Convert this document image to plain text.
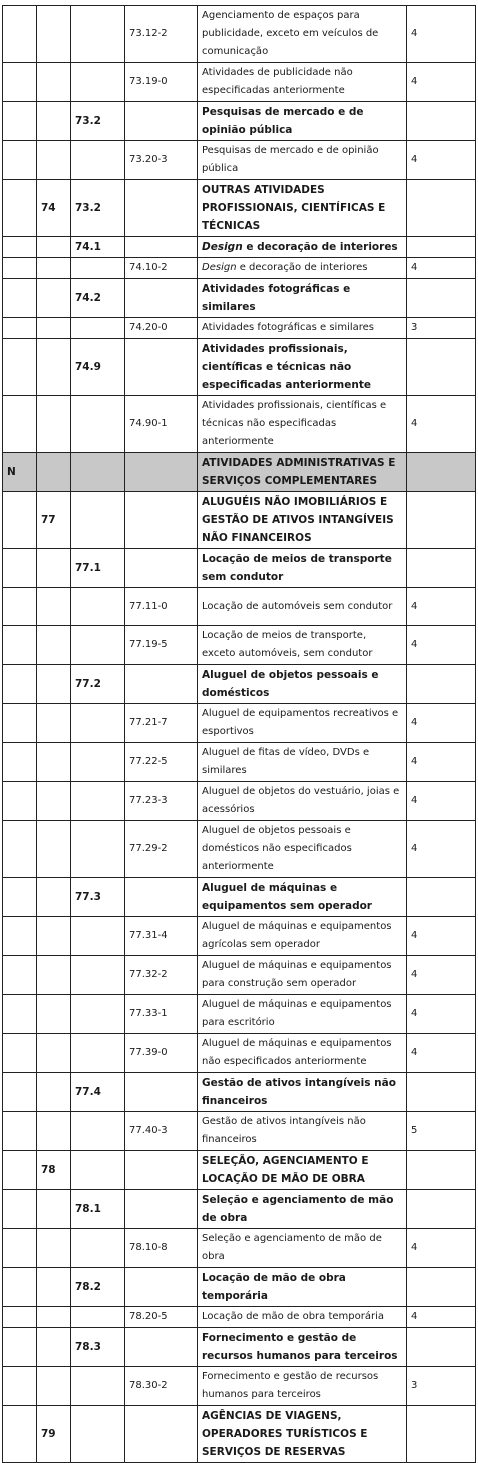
			73.12-2	Agenciamento de espaços para publicidade, exceto em veículos de comunicação	4
			73.19-0	Atividades de publicidade não especificadas anteriormente	4
		73.2		Pesquisas de mercado e de opinião pública	
			73.20-3	Pesquisas de mercado e de opinião pública	4
	74	73.2		OUTRAS ATIVIDADES PROFISSIONAIS, CIENTÍFICAS E TÉCNICAS	
		74.1		Design e decoração de interiores	
			74.10-2	Design e decoração de interiores	4
		74.2		Atividades fotográficas e similares	
			74.20-0	Atividades fotográficas e similares	3
		74.9		Atividades profissionais, científicas e técnicas não especificadas anteriormente	
			74.90-1	Atividades profissionais, científicas e técnicas não especificadas anteriormente	4
N				ATIVIDADES ADMINISTRATIVAS E SERVIÇOS COMPLEMENTARES	
	77			ALUGUÉIS NÃO IMOBILIÁRIOS E GESTÃO DE ATIVOS INTANGÍVEIS NÃO FINANCEIROS	
		77.1		Locação de meios de transporte sem condutor	
			77.11-0	Locação de automóveis sem condutor	4
			77.19-5	Locação de meios de transporte, exceto automóveis, sem condutor	4
		77.2		Aluguel de objetos pessoais e domésticos	
			77.21-7	Aluguel de equipamentos recreativos e esportivos	4
			77.22-5	Aluguel de fitas de vídeo, DVDs e similares	4
			77.23-3	Aluguel de objetos do vestuário, joias e acessórios	4
			77.29-2	Aluguel de objetos pessoais e domésticos não especificados anteriormente	4
		77.3		Aluguel de máquinas e equipamentos sem operador	
			77.31-4	Aluguel de máquinas e equipamentos agrícolas sem operador	4
			77.32-2	Aluguel de máquinas e equipamentos para construção sem operador	4
			77.33-1	Aluguel de máquinas e equipamentos para escritório	4
			77.39-0	Aluguel de máquinas e equipamentos não especificados anteriormente	4
		77.4		Gestão de ativos intangíveis não financeiros	
			77.40-3	Gestão de ativos intangíveis não financeiros	5
	78			SELEÇÃO, AGENCIAMENTO E LOCAÇÃO DE MÃO DE OBRA	
		78.1		Seleção e agenciamento de mão de obra	
			78.10-8	Seleção e agenciamento de mão de obra	4
		78.2		Locação de mão de obra temporária	
			78.20-5	Locação de mão de obra temporária	4
		78.3		Fornecimento e gestão de recursos humanos para terceiros	
			78.30-2	Fornecimento e gestão de recursos humanos para terceiros	3
	79			AGÊNCIAS DE VIAGENS, OPERADORES TURÍSTICOS E SERVIÇOS DE RESERVAS	
